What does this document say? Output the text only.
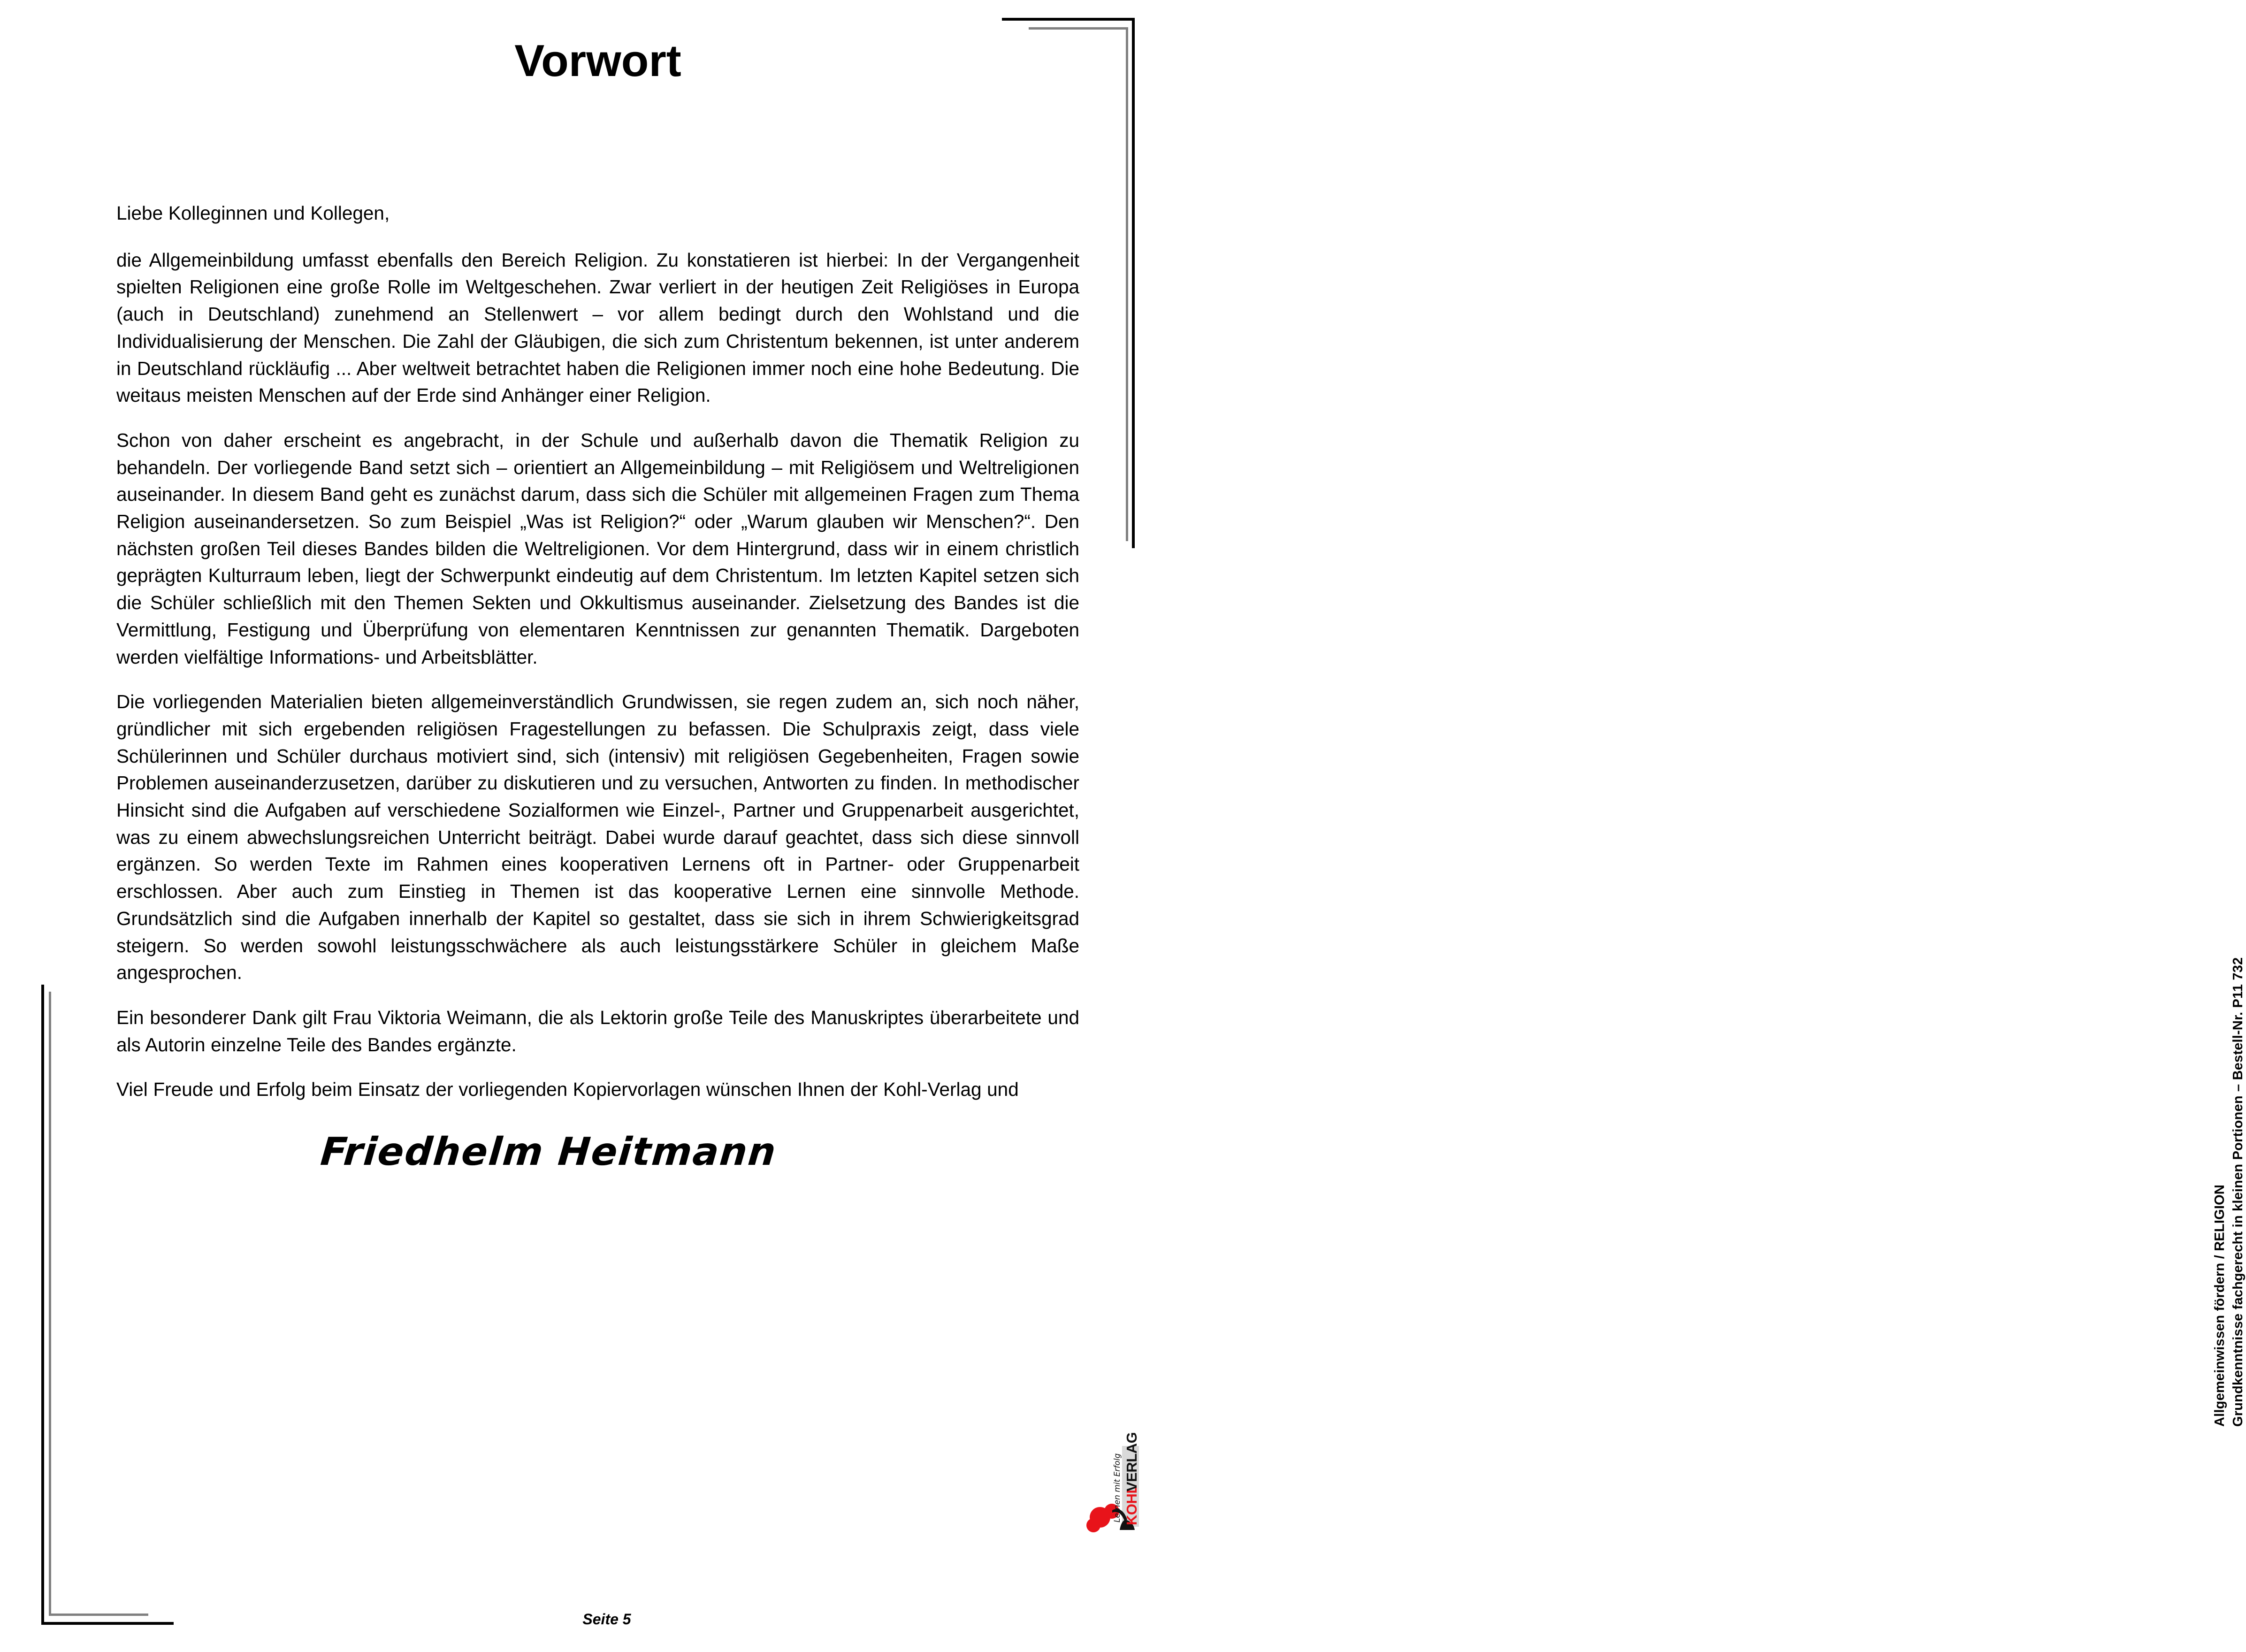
Vorwort

Liebe Kolleginnen und Kollegen,

die Allgemeinbildung umfasst ebenfalls den Bereich Religion. Zu konstatieren ist hierbei: In der Vergangenheit spielten Religionen eine große Rolle im Weltgeschehen. Zwar verliert in der heutigen Zeit Religiöses in Europa (auch in Deutschland) zunehmend an Stellenwert – vor allem bedingt durch den Wohlstand und die Individualisierung der Menschen. Die Zahl der Gläubigen, die sich zum Christentum bekennen, ist unter anderem in Deutschland rückläufig ... Aber weltweit betrachtet haben die Religionen immer noch eine hohe Bedeutung. Die weitaus meisten Menschen auf der Erde sind Anhänger einer Religion.

Schon von daher erscheint es angebracht, in der Schule und außerhalb davon die Thematik Religion zu behandeln. Der vorliegende Band setzt sich – orientiert an Allgemeinbildung – mit Religiösem und Weltreligionen auseinander. In diesem Band geht es zunächst darum, dass sich die Schüler mit allgemeinen Fragen zum Thema Religion auseinandersetzen. So zum Beispiel „Was ist Religion?“ oder „Warum glauben wir Menschen?“. Den nächsten großen Teil dieses Bandes bilden die Weltreligionen. Vor dem Hintergrund, dass wir in einem christlich geprägten Kulturraum leben, liegt der Schwerpunkt eindeutig auf dem Christentum. Im letzten Kapitel setzen sich die Schüler schließlich mit den Themen Sekten und Okkultismus auseinander. Zielsetzung des Bandes ist die Vermittlung, Festigung und Überprüfung von elementaren Kenntnissen zur genannten Thematik. Dargeboten werden vielfältige Informations- und Arbeitsblätter.

Die vorliegenden Materialien bieten allgemeinverständlich Grundwissen, sie regen zudem an, sich noch näher, gründlicher mit sich ergebenden religiösen Fragestellungen zu befassen. Die Schulpraxis zeigt, dass viele Schülerinnen und Schüler durchaus motiviert sind, sich (intensiv) mit religiösen Gegebenheiten, Fragen sowie Problemen auseinanderzusetzen, darüber zu diskutieren und zu versuchen, Antworten zu finden. In methodischer Hinsicht sind die Aufgaben auf verschiedene Sozialformen wie Einzel-, Partner und Gruppenarbeit ausgerichtet, was zu einem abwechslungsreichen Unterricht beiträgt. Dabei wurde darauf geachtet, dass sich diese sinnvoll ergänzen. So werden Texte im Rahmen eines kooperativen Lernens oft in Partner- oder Gruppenarbeit erschlossen. Aber auch zum Einstieg in Themen ist das kooperative Lernen eine sinnvolle Methode. Grundsätzlich sind die Aufgaben innerhalb der Kapitel so gestaltet, dass sie sich in ihrem Schwierigkeitsgrad steigern. So werden sowohl leistungsschwächere als auch leistungsstärkere Schüler in gleichem Maße angesprochen.

Ein besonderer Dank gilt Frau Viktoria Weimann, die als Lektorin große Teile des Manuskriptes überarbeitete und als Autorin einzelne Teile des Bandes ergänzte.

Viel Freude und Erfolg beim Einsatz der vorliegenden Kopiervorlagen wünschen Ihnen der Kohl-Verlag und

Friedhelm Heitmann
Allgemeinwissen fördern / RELIGION Grundkenntnisse fachgerecht in kleinen Portionen – Bestell-Nr. P11 732
KOHL
VERLAG
Lernen mit Erfolg
Seite 5
